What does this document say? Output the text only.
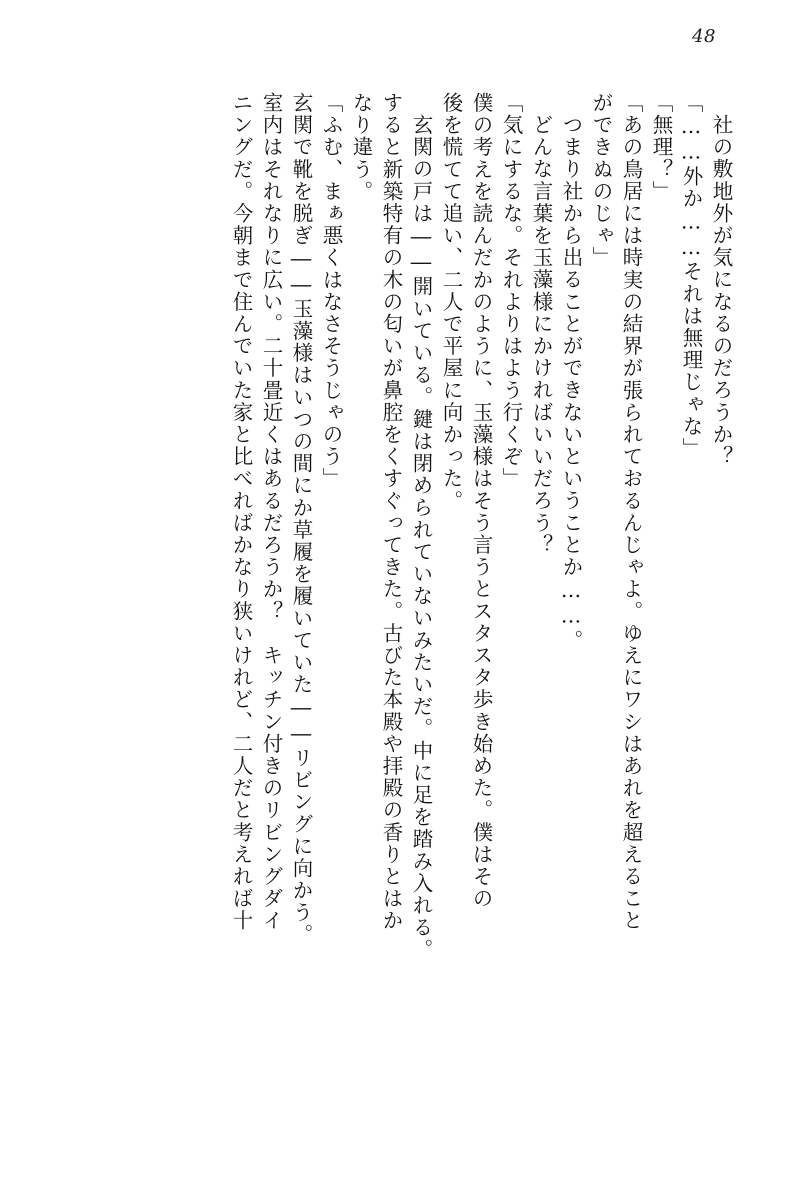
48
社の敷地外が気になるのだろうか？
「……外か……それは無理じゃな」
「無理？」
「あの鳥居には時実の結界が張られておるんじゃよ。ゆえにワシはあれを超えること
ができぬのじゃ」
つまり社から出ることができないということか……。
どんな言葉を玉藻様にかければいいだろう？
「気にするな。それよりはよう行くぞ」
僕の考えを読んだかのように、玉藻様はそう言うとスタスタ歩き始めた。僕はその
後を慌てて追い、二人で平屋に向かった。
玄関の戸は――開いている。鍵は閉められていないみたいだ。中に足を踏み入れる。
すると新築特有の木の匂いが鼻腔をくすぐってきた。古びた本殿や拝殿の香りとはか
なり違う。
「ふむ、まぁ悪くはなさそうじゃのう」
玄関で靴を脱ぎ――玉藻様はいつの間にか草履を履いていた――リビングに向かう。
室内はそれなりに広い。二十畳近くはあるだろうか？　キッチン付きのリビングダイ
ニングだ。今朝まで住んでいた家と比べればかなり狭いけれど、二人だと考えれば十
